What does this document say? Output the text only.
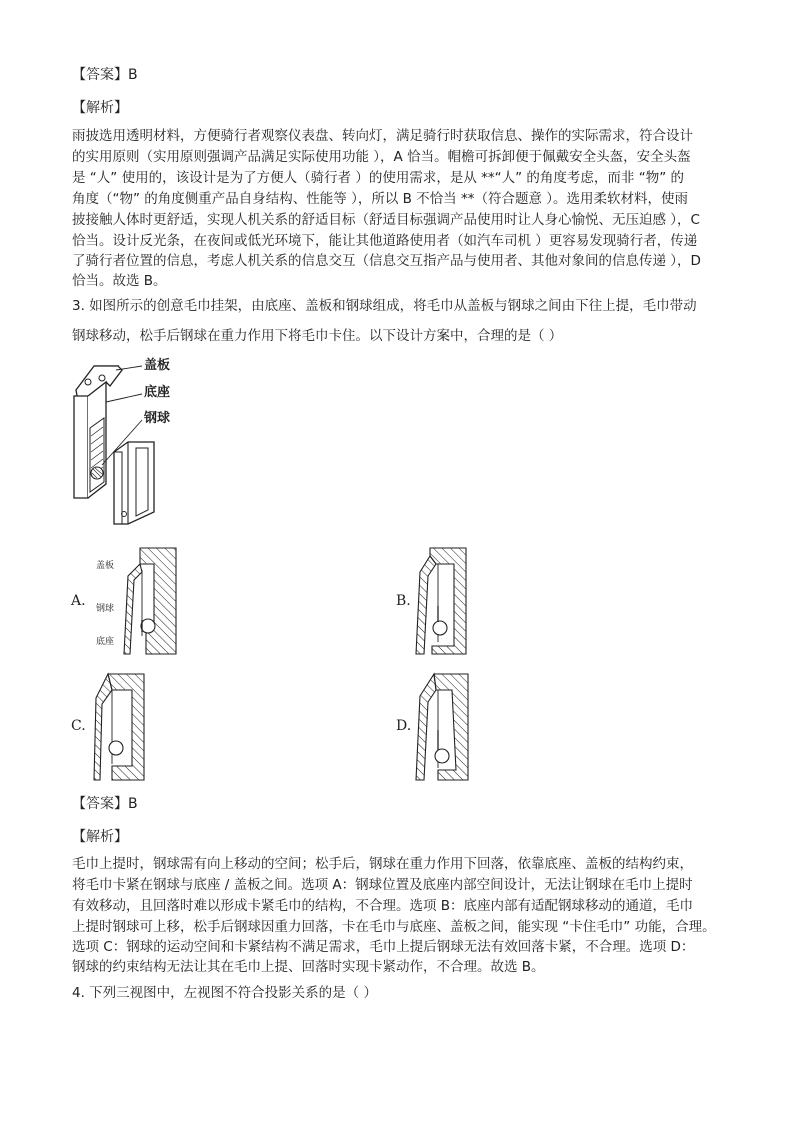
【答案】B
【解析】
雨披选用透明材料，方便骑行者观察仪表盘、转向灯，满足骑行时获取信息、操作的实际需求，符合设计
的实用原则（实用原则强调产品满足实际使用功能 ），A 恰当。帽檐可拆卸便于佩戴安全头盔，安全头盔
是 “人” 使用的，该设计是为了方便人（骑行者 ）的使用需求，是从 **“人” 的角度考虑，而非 “物” 的
角度（“物” 的角度侧重产品自身结构、性能等 ），所以 B 不恰当 **（符合题意 ）。选用柔软材料，使雨
披接触人体时更舒适，实现人机关系的舒适目标（舒适目标强调产品使用时让人身心愉悦、无压迫感 ），C
恰当。设计反光条，在夜间或低光环境下，能让其他道路使用者（如汽车司机 ）更容易发现骑行者，传递
了骑行者位置的信息，考虑人机关系的信息交互（信息交互指产品与使用者、其他对象间的信息传递 ），D
恰当。故选 B。
3. 如图所示的创意毛巾挂架，由底座、盖板和钢球组成，将毛巾从盖板与钢球之间由下往上提，毛巾带动
钢球移动，松手后钢球在重力作用下将毛巾卡住。以下设计方案中，合理的是（ ）
盖板
底座
钢球
A.
盖板
钢球
底座
B.
C.	D.
【答案】B
【解析】
毛巾上提时，钢球需有向上移动的空间；松手后，钢球在重力作用下回落，依靠底座、盖板的结构约束，
将毛巾卡紧在钢球与底座 / 盖板之间。选项 A：钢球位置及底座内部空间设计，无法让钢球在毛巾上提时
有效移动，且回落时难以形成卡紧毛巾的结构，不合理。选项 B：底座内部有适配钢球移动的通道，毛巾
上提时钢球可上移，松手后钢球因重力回落，卡在毛巾与底座、盖板之间，能实现 “卡住毛巾” 功能，合理。
选项 C：钢球的运动空间和卡紧结构不满足需求，毛巾上提后钢球无法有效回落卡紧，不合理。选项 D：
钢球的约束结构无法让其在毛巾上提、回落时实现卡紧动作，不合理。故选 B。
4. 下列三视图中，左视图不符合投影关系的是（ ）
